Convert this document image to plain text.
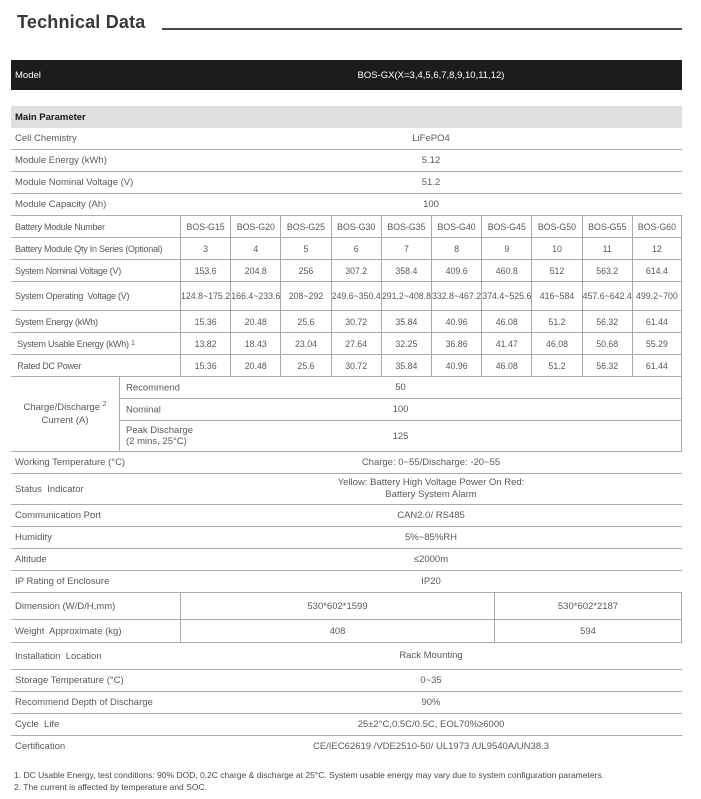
Technical Data
Model	BOS-GX(X=3,4,5,6,7,8,9,10,11,12)
Main Parameter
Cell Chemistry	LiFePO4
Module Energy (kWh)	5.12
Module Nominal Voltage (V)	51.2
Module Capacity (Ah)	100
Battery Module Number	BOS-G15	BOS-G20	BOS-G25	BOS-G30	BOS-G35	BOS-G40	BOS-G45	BOS-G50	BOS-G55	BOS-G60
Battery Module Qty In Series (Optional)	3	4	5	6	7	8	9	10	11	12
System Nominal Voltage (V)	153.6	204.8	256	307.2	358.4	409.6	460.8	512	563.2	614.4
System Operating  Voltage (V)	124.8~175.2 166.4~233.6 208~292 249.6~350.4 291.2~408.8 332.8~467.2 374.4~525.6 416~584 457.6~642.4 499.2~700
System Energy (kWh)	15.36	20.48	25.6	30.72	35.84	40.96	46.08	51.2	56.32	61.44
System Usable Energy (kWh) 1	13.82	18.43	23.04	27.64	32.25	36.86	41.47	46.08	50.68	55.29
Rated DC Power	15.36	20.48	25.6	30.72	35.84	40.96	46.08	51.2	56.32	61.44
Charge/Discharge $^2$
Current (A)
Recommend	50
Nominal	100
Peak Discharge
(2 mins, 25°C)	125
Working Temperature (°C)	Charge: 0~55/Discharge: -20~55
Status  Indicator
Yellow: Battery High Voltage Power On Red:
Battery System Alarm
Communication Port	CAN2.0/ RS485
Humidity	5%~85%RH
Altitude	≤2000m
IP Rating of Enclosure	IP20
Dimension (W/D/H,mm)	530*602*1599	530*602*2187
Weight  Approximate (kg)	408	594
Installation  Location	Rack Mounting
Storage Temperature (°C)	0~35
Recommend Depth of Discharge	90%
Cycle  Life	25±2°C,0.5C/0.5C, EOL70%≥6000
Certification	CE/IEC62619 /VDE2510-50/ UL1973 /UL9540A/UN38.3
1. DC Usable Energy, test conditions: 90% DOD, 0.2C charge & discharge at 25°C. System usable energy may vary due to system configuration parameters.
2. The current is affected by temperature and SOC.
